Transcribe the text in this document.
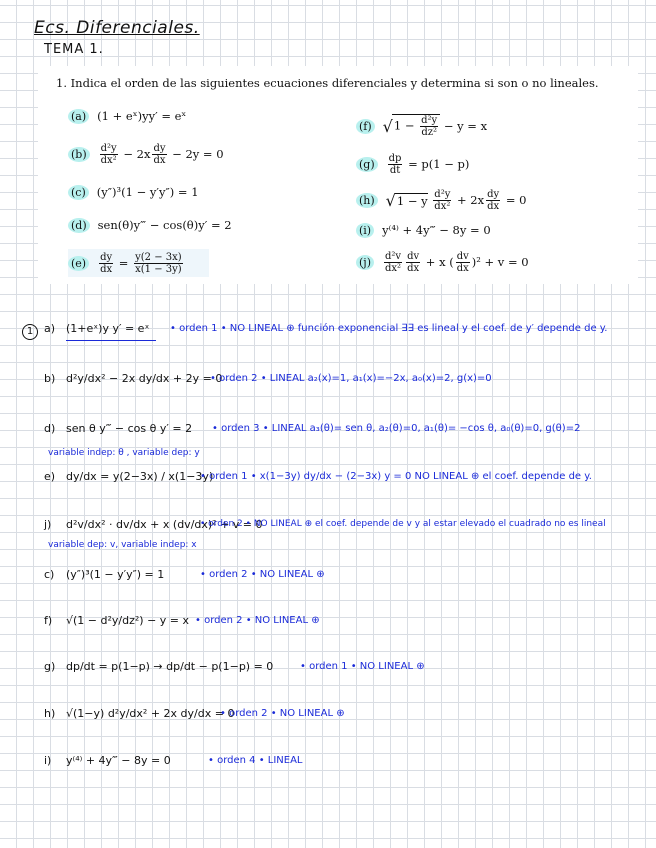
Ecs. Diferenciales.
TEMA 1.
1. Indica el orden de las siguientes ecuaciones diferenciales y determina si son o no lineales.
(a) (1 + eˣ)yy′ = eˣ
(b)	$\frac{\text{d²y}}{\text{dx²}} - 2x \frac{dy}{dx} - 2y = 0$
(c) (y″)³(1 − y′y″) = 1
(d) sen(θ)y‴ − cos(θ)y′ = 2
(e)	$\frac{dy}{dx} = \frac{y(2 - 3x)}{x(1 - 3y)}$
(f) √ $1 - \frac{\text{d²y}}{\text{dz²}} - y = x$
(g)	$\frac{dp}{dt} = p(1 - p)$
(h) √ 1 − y
$\frac{\text{d²y}}{\text{dx²}} + 2x \frac{dy}{dx} = 0$
(i) y⁽⁴⁾ + 4y‴ − 8y = 0
(j)	$\frac{\text{d²v}}{\text{dx²}} \frac{dv}{dx} + x$ ( $\frac{dv}{dx} )^2 + v = 0$
1 a) (1+eˣ)y y′ = eˣ • orden 1 • NO LINEAL ⊕ función exponencial ∃∃ es lineal y el coef. de y′ depende de y.
b) d²y/dx² − 2x dy/dx + 2y = 0
• orden 2 • LINEAL a₂(x)=1, a₁(x)=−2x, a₀(x)=2, g(x)=0
d) sen θ y‴ − cos θ y′ = 2 • orden 3 • LINEAL a₃(θ)= sen θ, a₂(θ)=0, a₁(θ)= −cos θ, a₀(θ)=0, g(θ)=2
variable indep: θ , variable dep: y
e) dy/dx = y(2−3x) / x(1−3y)
• orden 1 • x(1−3y) dy/dx − (2−3x) y = 0 NO LINEAL ⊕ el coef. depende de y.
j) d²v/dx² · dv/dx + x (dv/dx)² + v = 0
• orden 2 • NO LINEAL ⊕ el coef. depende de v y al estar elevado el cuadrado no es lineal
variable dep: v, variable indep: x
c) (y″)³(1 − y′y″) = 1	• orden 2 • NO LINEAL ⊕
f) √(1 − d²y/dz²) − y = x • orden 2 • NO LINEAL ⊕
g) dp/dt = p(1−p) → dp/dt − p(1−p) = 0	• orden 1 • NO LINEAL ⊕
h) √(1−y) d²y/dx² + 2x dy/dx = 0
• orden 2 • NO LINEAL ⊕
i) y⁽⁴⁾ + 4y‴ − 8y = 0	• orden 4 • LINEAL
